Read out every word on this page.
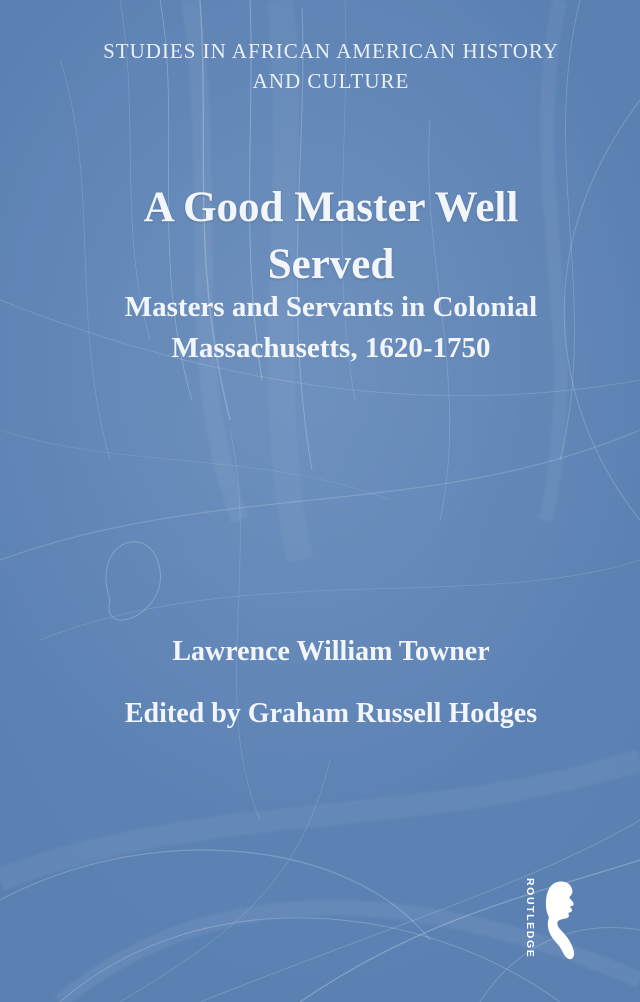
STUDIES IN AFRICAN AMERICAN HISTORY
AND CULTURE
A Good Master Well
Served
Masters and Servants in Colonial
Massachusetts, 1620-1750
Lawrence William Towner
Edited by Graham Russell Hodges
ROUTLEDGE
